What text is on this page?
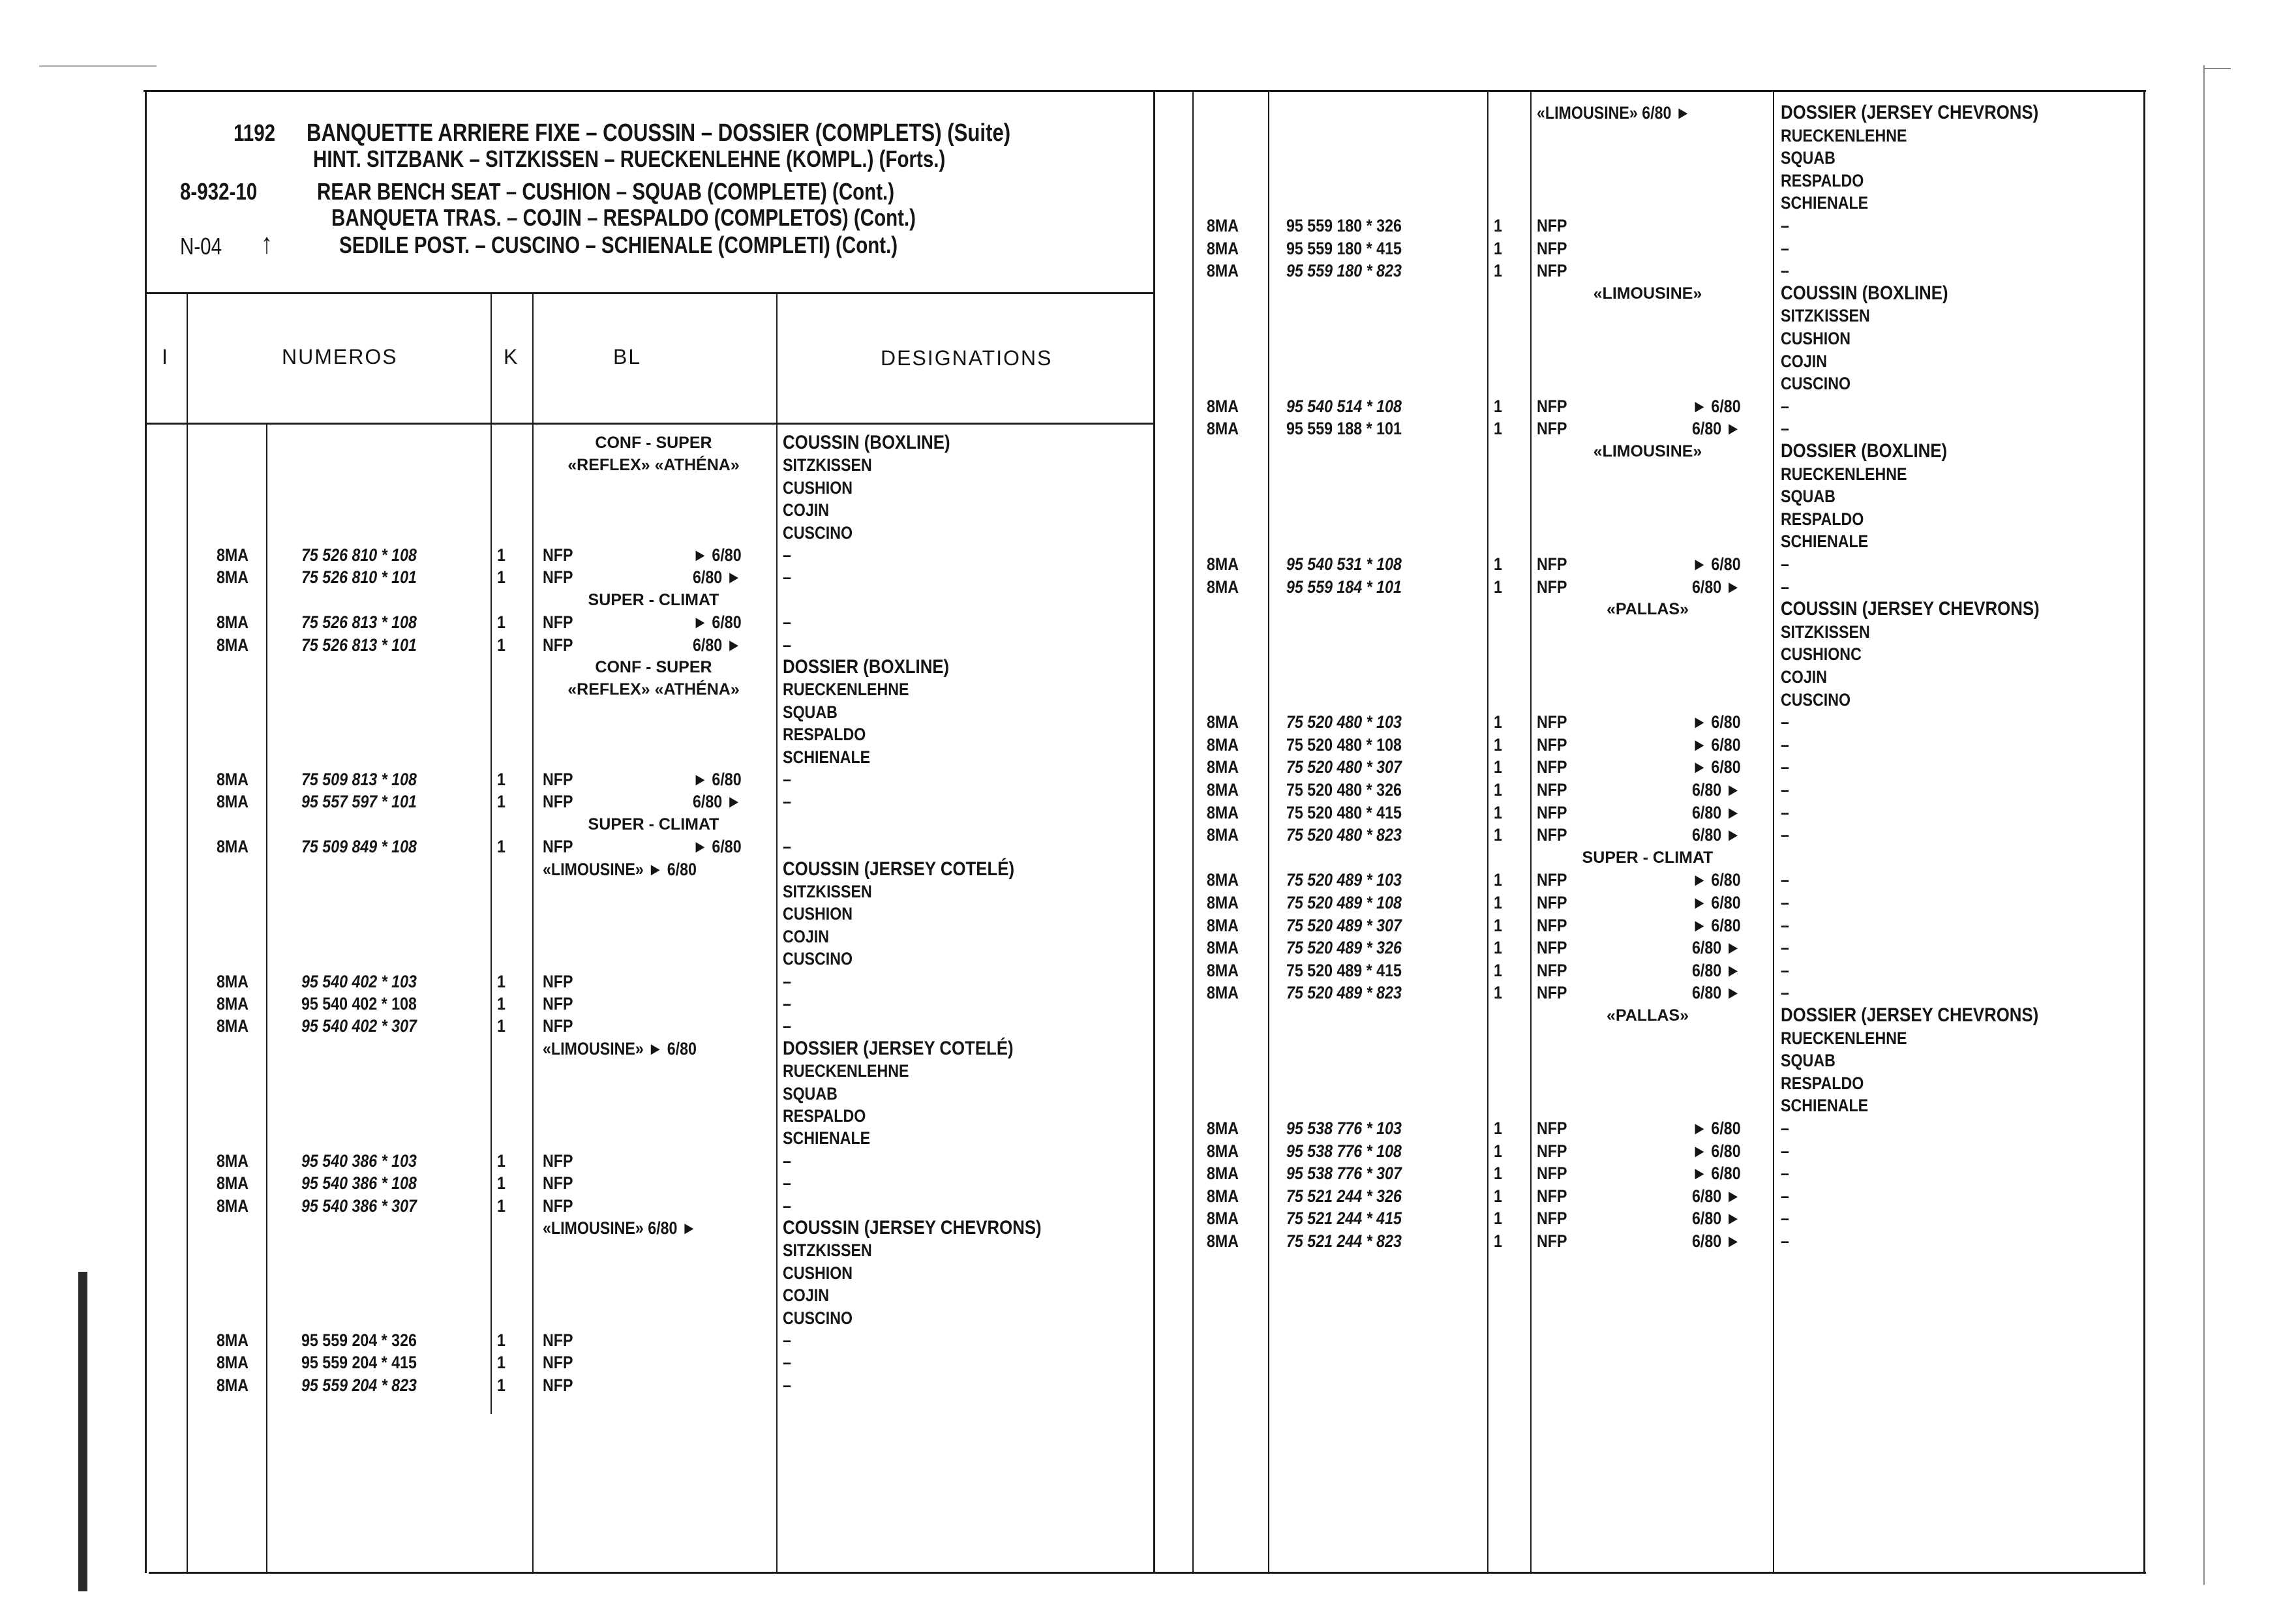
1192
8-932-10
N-04 ↑
BANQUETTE ARRIERE FIXE – COUSSIN – DOSSIER (COMPLETS) (Suite)
HINT. SITZBANK – SITZKISSEN – RUECKENLEHNE (KOMPL.) (Forts.)
REAR BENCH SEAT – CUSHION – SQUAB (COMPLETE) (Cont.)
BANQUETA TRAS. – COJIN – RESPALDO (COMPLETOS) (Cont.)
SEDILE POST. – CUSCINO – SCHIENALE (COMPLETI) (Cont.)
I	NUMEROS	K	BL	DESIGNATIONS
CONF - SUPER	COUSSIN (BOXLINE)
«REFLEX» «ATHÉNA»	SITZKISSEN
CUSHION
COJIN
CUSCINO
8MA	75 526 810 * 108	1 NFP	► 6/80 –
8MA	75 526 810 * 101	1 NFP	6/80 ► –
SUPER - CLIMAT
8MA	75 526 813 * 108	1 NFP	► 6/80 –
8MA	75 526 813 * 101	1 NFP	6/80 ► –
CONF - SUPER	DOSSIER (BOXLINE)
«REFLEX» «ATHÉNA»	RUECKENLEHNE
SQUAB
RESPALDO
SCHIENALE
8MA	75 509 813 * 108	1 NFP	► 6/80 –
8MA	95 557 597 * 101	1 NFP	6/80 ► –
SUPER - CLIMAT
8MA	75 509 849 * 108	1 NFP	► 6/80 –
«LIMOUSINE» ► 6/80	COUSSIN (JERSEY COTELÉ)
SITZKISSEN
CUSHION
COJIN
CUSCINO
8MA	95 540 402 * 103	1 NFP	–
8MA	95 540 402 * 108	1 NFP	–
8MA	95 540 402 * 307	1 NFP	–
«LIMOUSINE» ► 6/80	DOSSIER (JERSEY COTELÉ)
RUECKENLEHNE
SQUAB
RESPALDO
SCHIENALE
8MA	95 540 386 * 103	1 NFP	–
8MA	95 540 386 * 108	1 NFP	–
8MA	95 540 386 * 307	1 NFP	–
«LIMOUSINE» 6/80 ►	COUSSIN (JERSEY CHEVRONS)
SITZKISSEN
CUSHION
COJIN
CUSCINO
8MA	95 559 204 * 326	1 NFP	–
8MA	95 559 204 * 415	1 NFP	–
8MA	95 559 204 * 823	1 NFP	–
«LIMOUSINE» 6/80 ►	DOSSIER (JERSEY CHEVRONS)
RUECKENLEHNE
SQUAB
RESPALDO
SCHIENALE
8MA	95 559 180 * 326	1 NFP	–
8MA	95 559 180 * 415	1 NFP	–
8MA	95 559 180 * 823	1 NFP	–
«LIMOUSINE»	COUSSIN (BOXLINE)
SITZKISSEN
CUSHION
COJIN
CUSCINO
8MA	95 540 514 * 108	1 NFP	► 6/80 –
8MA	95 559 188 * 101	1 NFP	6/80 ► –
«LIMOUSINE»	DOSSIER (BOXLINE)
RUECKENLEHNE
SQUAB
RESPALDO
SCHIENALE
8MA	95 540 531 * 108	1 NFP	► 6/80 –
8MA	95 559 184 * 101	1 NFP	6/80 ► –
«PALLAS»	COUSSIN (JERSEY CHEVRONS)
SITZKISSEN
CUSHIONC
COJIN
CUSCINO
8MA	75 520 480 * 103	1 NFP	► 6/80 –
8MA	75 520 480 * 108	1 NFP	► 6/80 –
8MA	75 520 480 * 307	1 NFP	► 6/80 –
8MA	75 520 480 * 326	1 NFP	6/80 ► –
8MA	75 520 480 * 415	1 NFP	6/80 ► –
8MA	75 520 480 * 823	1 NFP	6/80 ► –
SUPER - CLIMAT
8MA	75 520 489 * 103	1 NFP	► 6/80 –
8MA	75 520 489 * 108	1 NFP	► 6/80 –
8MA	75 520 489 * 307	1 NFP	► 6/80 –
8MA	75 520 489 * 326	1 NFP	6/80 ► –
8MA	75 520 489 * 415	1 NFP	6/80 ► –
8MA	75 520 489 * 823	1 NFP	6/80 ► –
«PALLAS»	DOSSIER (JERSEY CHEVRONS)
RUECKENLEHNE
SQUAB
RESPALDO
SCHIENALE
8MA	95 538 776 * 103	1 NFP	► 6/80 –
8MA	95 538 776 * 108	1 NFP	► 6/80 –
8MA	95 538 776 * 307	1 NFP	► 6/80 –
8MA	75 521 244 * 326	1 NFP	6/80 ► –
8MA	75 521 244 * 415	1 NFP	6/80 ► –
8MA	75 521 244 * 823	1 NFP	6/80 ► –
